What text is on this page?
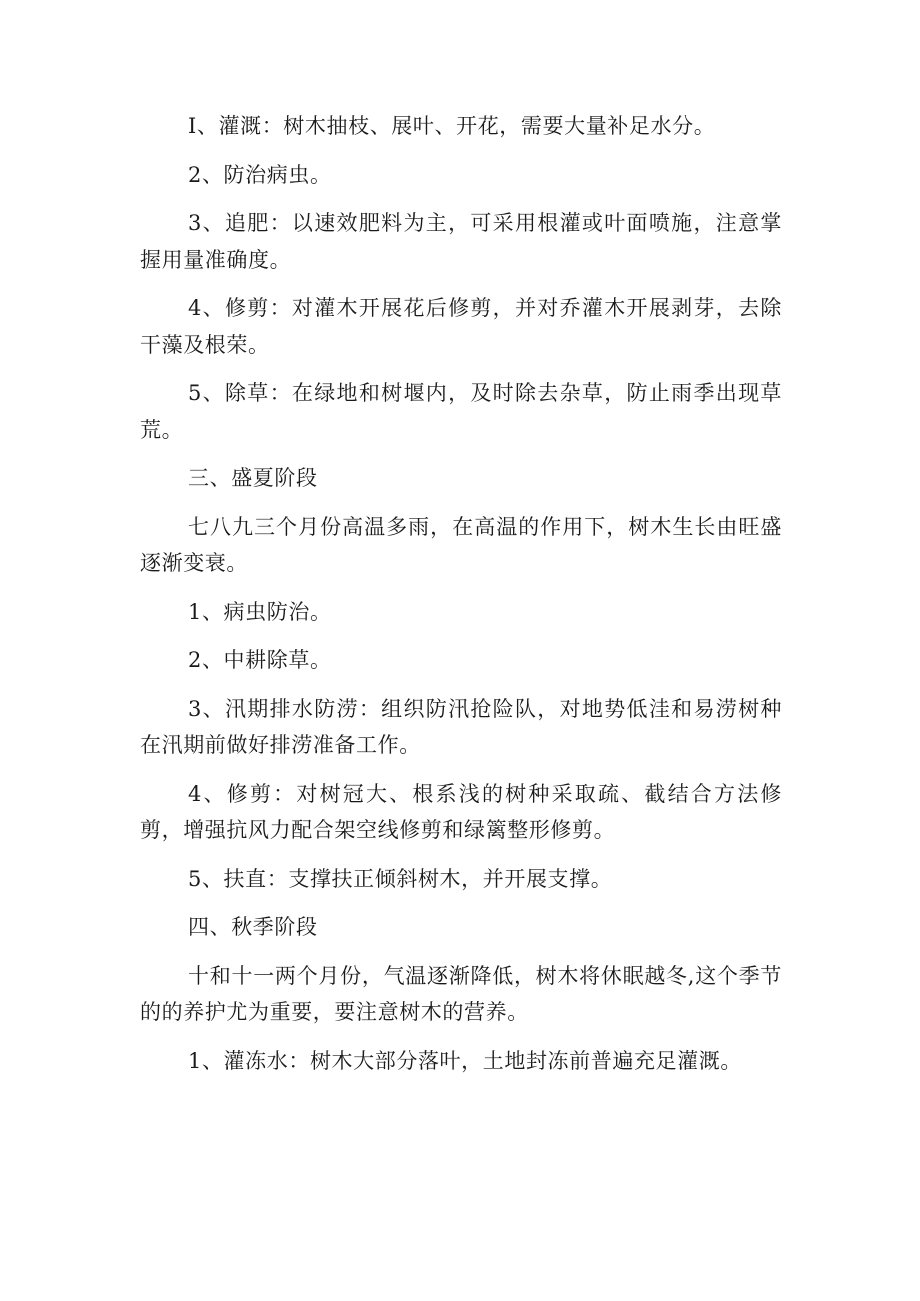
I、灌溉：树木抽枝、展叶、开花，需要大量补足水分。

2、防治病虫。

3、追肥：以速效肥料为主，可采用根灌或叶面喷施，注意掌握用量准确度。

4、修剪：对灌木开展花后修剪，并对乔灌木开展剥芽，去除干藻及根荣。

5、除草：在绿地和树堰内，及时除去杂草，防止雨季出现草荒。

三、盛夏阶段

七八九三个月份高温多雨，在高温的作用下，树木生长由旺盛逐渐变衰。

1、病虫防治。

2、中耕除草。

3、汛期排水防涝：组织防汛抢险队，对地势低洼和易涝树种在汛期前做好排涝准备工作。

4、修剪：对树冠大、根系浅的树种采取疏、截结合方法修剪，增强抗风力配合架空线修剪和绿篱整形修剪。

5、扶直：支撑扶正倾斜树木，并开展支撑。

四、秋季阶段

十和十一两个月份，气温逐渐降低，树木将休眠越冬,这个季节的的养护尤为重要，要注意树木的营养。

1、灌冻水：树木大部分落叶，土地封冻前普遍充足灌溉。
